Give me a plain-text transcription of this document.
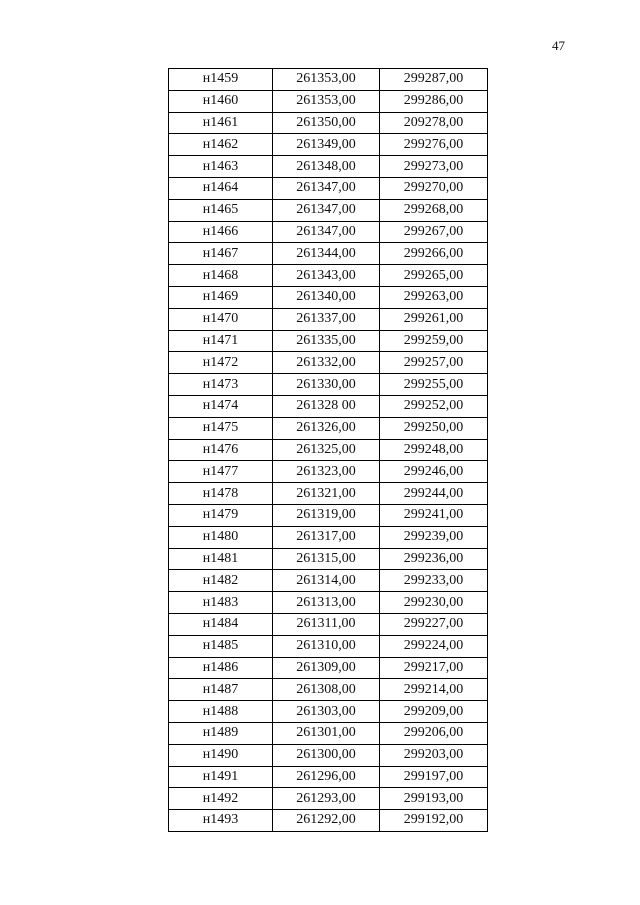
47
н1459	261353,00	299287,00
н1460	261353,00	299286,00
н1461	261350,00	209278,00
н1462	261349,00	299276,00
н1463	261348,00	299273,00
н1464	261347,00	299270,00
н1465	261347,00	299268,00
н1466	261347,00	299267,00
н1467	261344,00	299266,00
н1468	261343,00	299265,00
н1469	261340,00	299263,00
н1470	261337,00	299261,00
н1471	261335,00	299259,00
н1472	261332,00	299257,00
н1473	261330,00	299255,00
н1474	261328 00	299252,00
н1475	261326,00	299250,00
н1476	261325,00	299248,00
н1477	261323,00	299246,00
н1478	261321,00	299244,00
н1479	261319,00	299241,00
н1480	261317,00	299239,00
н1481	261315,00	299236,00
н1482	261314,00	299233,00
н1483	261313,00	299230,00
н1484	261311,00	299227,00
н1485	261310,00	299224,00
н1486	261309,00	299217,00
н1487	261308,00	299214,00
н1488	261303,00	299209,00
н1489	261301,00	299206,00
н1490	261300,00	299203,00
н1491	261296,00	299197,00
н1492	261293,00	299193,00
н1493	261292,00	299192,00
